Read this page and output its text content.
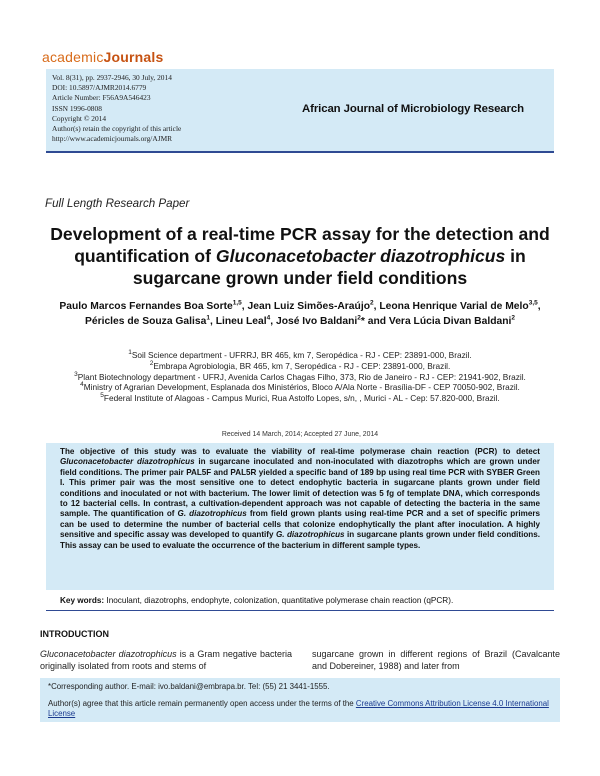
academicJournals
Vol. 8(31), pp. 2937-2946, 30 July, 2014
DOI: 10.5897/AJMR2014.6779
Article Number: F56A9A546423
ISSN 1996-0808
Copyright © 2014
Author(s) retain the copyright of this article
http://www.academicjournals.org/AJMR
African Journal of Microbiology Research
Full Length Research Paper
Development of a real-time PCR assay for the detection and quantification of Gluconacetobacter diazotrophicus in sugarcane grown under field conditions
Paulo Marcos Fernandes Boa Sorte$^{1,5}$, Jean Luiz Simões-Araújo$^2$, Leona Henrique Varial de Melo$^{3,5}$, Péricles de Souza Galisa$^1$, Lineu Leal$^4$, José Ivo Baldani$^2$* and Vera Lúcia Divan Baldani$^2$
$^1$Soil Science department - UFRRJ, BR 465, km 7, Seropédica - RJ - CEP: 23891-000, Brazil.
$^2$Embrapa Agrobiologia, BR 465, km 7, Seropédica - RJ - CEP: 23891-000, Brazil.
$^3$Plant Biotechnology department - UFRJ, Avenida Carlos Chagas Filho, 373, Rio de Janeiro - RJ - CEP: 21941-902, Brazil.
$^4$Ministry of Agrarian Development, Esplanada dos Ministérios, Bloco A/Ala Norte - Brasília-DF - CEP 70050-902, Brazil.
$^5$Federal Institute of Alagoas - Campus Murici, Rua Astolfo Lopes, s/n, , Murici - AL - Cep: 57.820-000, Brazil.
Received 14 March, 2014; Accepted 27 June, 2014
The objective of this study was to evaluate the viability of real-time polymerase chain reaction (PCR) to detect Gluconacetobacter diazotrophicus in sugarcane inoculated and non-inoculated with diazotrophs which are grown under field conditions. The primer pair PAL5F and PAL5R yielded a specific band of 189 bp using real time PCR with SYBER Green I. This primer pair was the most sensitive one to detect endophytic bacteria in sugarcane plants grown under field conditions and inoculated or not with bacterium. The lower limit of detection was 5 fg of template DNA, which corresponds to 12 bacterial cells. In contrast, a cultivation-dependent approach was not capable of detecting the bacteria in the same sample. The quantification of G. diazotrophicus from field grown plants using real-time PCR and a set of specific primers can be used to determine the number of bacterial cells that colonize endophytically the plant after inoculation. A highly sensitive and specific assay was developed to quantify G. diazotrophicus in sugarcane plants grown under field conditions. This assay can be used to evaluate the occurrence of the bacterium in different sample types.
Key words: Inoculant, diazotrophs, endophyte, colonization, quantitative polymerase chain reaction (qPCR).
INTRODUCTION
Gluconacetobacter diazotrophicus is a Gram negative bacteria originally isolated from roots and stems of
sugarcane grown in different regions of Brazil (Cavalcante and Dobereiner, 1988) and later from
*Corresponding author. E-mail: ivo.baldani@embrapa.br. Tel: (55) 21 3441-1555.
Author(s) agree that this article remain permanently open access under the terms of the Creative Commons Attribution License 4.0 International License
